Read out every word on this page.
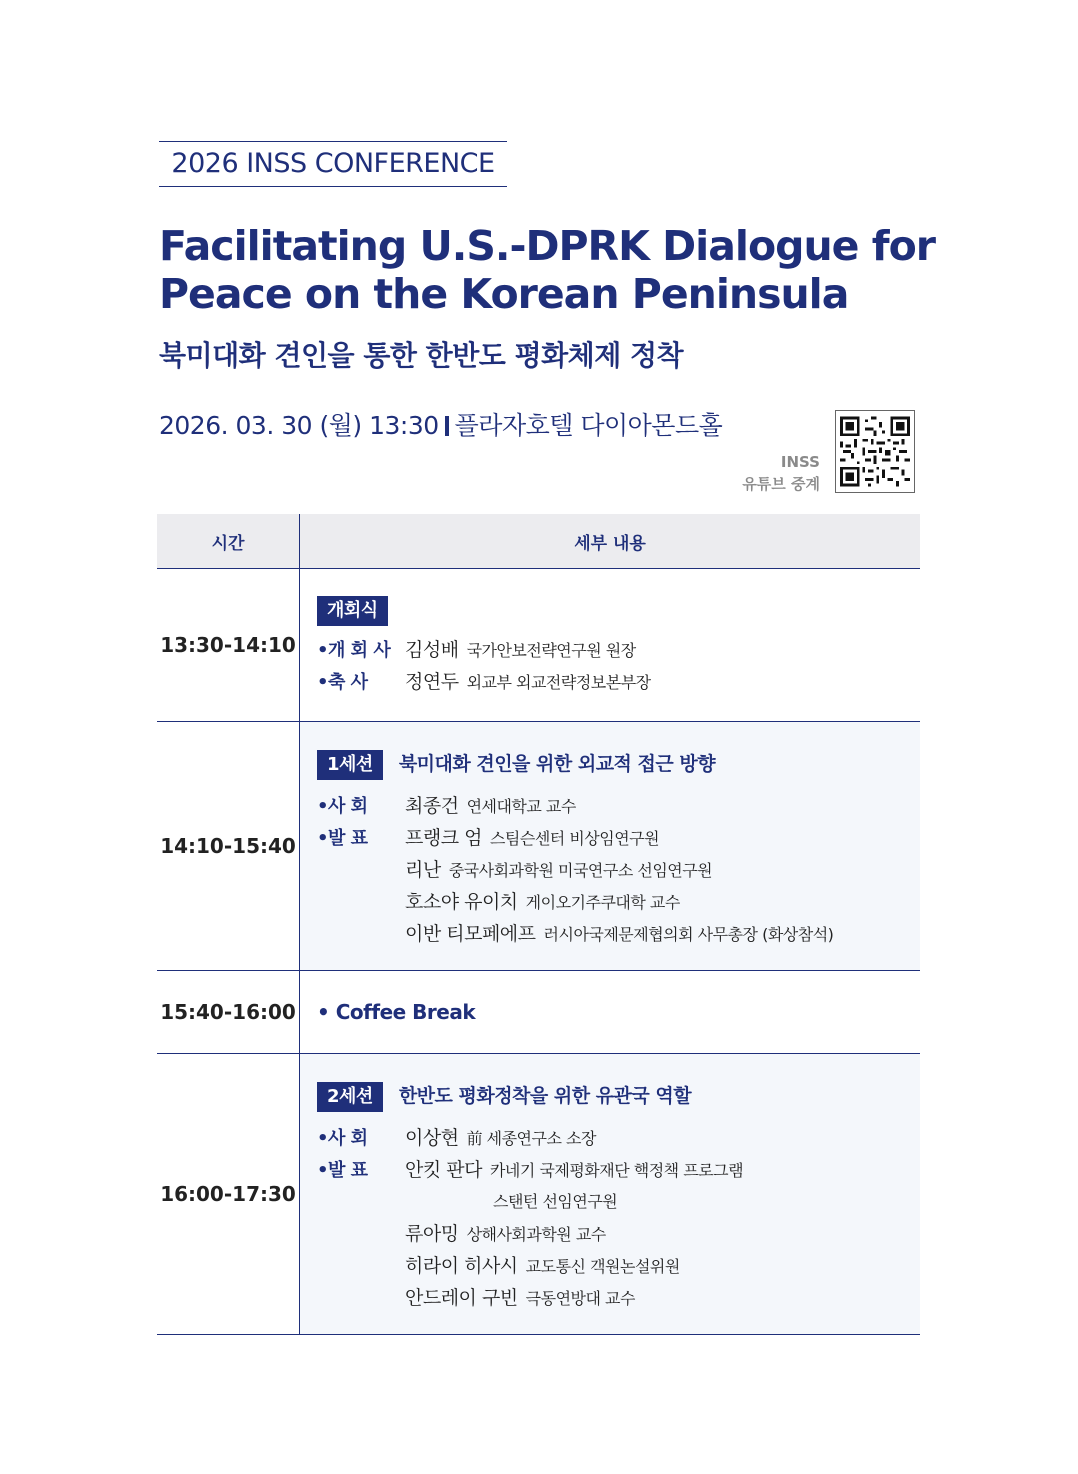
2026 INSS CONFERENCE
Facilitating U.S.-DPRK Dialogue for Peace on the Korean Peninsula
북미대화 견인을 통한 한반도 평화체제 정착
2026. 03. 30 (월) 13:30 플라자호텔 다이아몬드홀
INSS
유튜브 중계
시간	세부 내용
13:30-14:10
개회식
•개 회 사 김성배 국가안보전략연구원 원장
•축 사 정연두 외교부 외교전략정보본부장
14:10-15:40
1세션 북미대화 견인을 위한 외교적 접근 방향
•사 회 최종건 연세대학교 교수
•발 표 프랭크 엄 스팀슨센터 비상임연구원
리난 중국사회과학원 미국연구소 선임연구원
호소야 유이치 게이오기주쿠대학 교수
이반 티모페에프 러시아국제문제협의회 사무총장 (화상참석)
15:40-16:00 • Coffee Break
16:00-17:30
2세션 한반도 평화정착을 위한 유관국 역할
•사 회 이상현 前 세종연구소 소장
•발 표 안킷 판다 카네기 국제평화재단 핵정책 프로그램
스탠턴 선임연구원
류아밍 상해사회과학원 교수
히라이 히사시 교도통신 객원논설위원
안드레이 구빈 극동연방대 교수
